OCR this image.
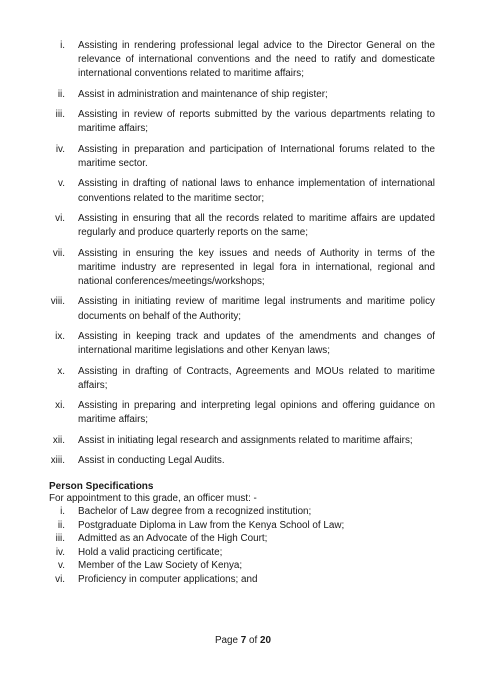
i.	Assisting in rendering professional legal advice to the Director General on the relevance of international conventions and the need to ratify and domesticate international conventions related to maritime affairs;
ii.	Assist in administration and maintenance of ship register;
iii.	Assisting in review of reports submitted by the various departments relating to maritime affairs;
iv.	Assisting in preparation and participation of International forums related to the maritime sector.
v.	Assisting in drafting of national laws to enhance implementation of international conventions related to the maritime sector;
vi.	Assisting in ensuring that all the records related to maritime affairs are updated regularly and produce quarterly reports on the same;
vii.	Assisting in ensuring the key issues and needs of Authority in terms of the maritime industry are represented in legal fora in international, regional and national conferences/meetings/workshops;
viii.	Assisting in initiating review of maritime legal instruments and maritime policy documents on behalf of the Authority;
ix.	Assisting in keeping track and updates of the amendments and changes of international maritime legislations and other Kenyan laws;
x.	Assisting in drafting of Contracts, Agreements and MOUs related to maritime affairs;
xi.	Assisting in preparing and interpreting legal opinions and offering guidance on maritime affairs;
xii.	Assist in initiating legal research and assignments related to maritime affairs;
xiii.	Assist in conducting Legal Audits.
Person Specifications
For appointment to this grade, an officer must: -
i.	Bachelor of Law degree from a recognized institution;
ii.	Postgraduate Diploma in Law from the Kenya School of Law;
iii.	Admitted as an Advocate of the High Court;
iv.	Hold a valid practicing certificate;
v.	Member of the Law Society of Kenya;
vi.	Proficiency in computer applications; and
Page 7 of 20
